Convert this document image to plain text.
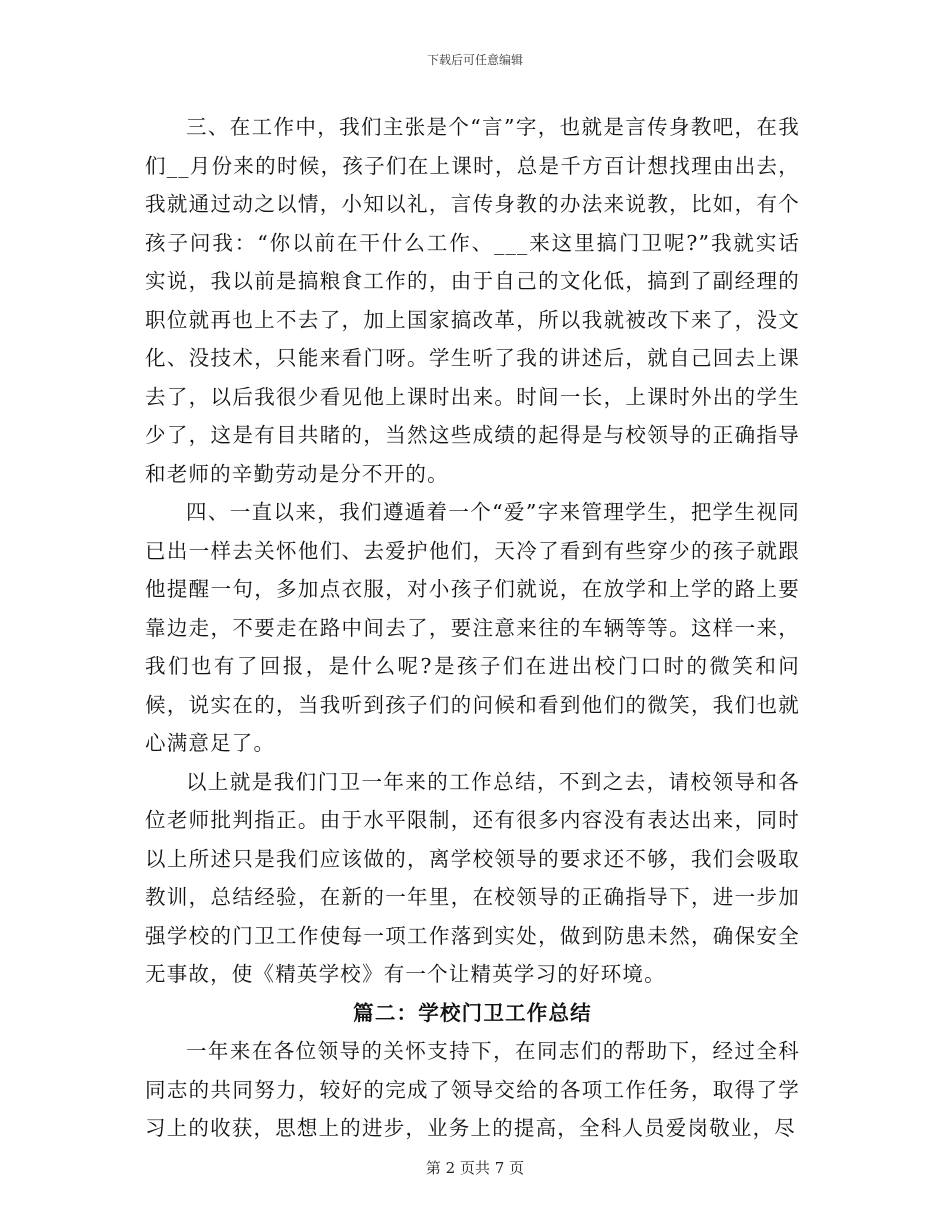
下载后可任意编辑

三、在工作中，我们主张是个“言”字，也就是言传身教吧，在我们__月份来的时候，孩子们在上课时，总是千方百计想找理由出去，我就通过动之以情，小知以礼，言传身教的办法来说教，比如，有个孩子问我：“你以前在干什么工作、___来这里搞门卫呢?”我就实话实说，我以前是搞粮食工作的，由于自己的文化低，搞到了副经理的职位就再也上不去了，加上国家搞改革，所以我就被改下来了，没文化、没技术，只能来看门呀。学生听了我的讲述后，就自己回去上课去了，以后我很少看见他上课时出来。时间一长，上课时外出的学生少了，这是有目共睹的，当然这些成绩的起得是与校领导的正确指导和老师的辛勤劳动是分不开的。

四、一直以来，我们遵遁着一个“爱”字来管理学生，把学生视同已出一样去关怀他们、去爱护他们，天冷了看到有些穿少的孩子就跟他提醒一句，多加点衣服，对小孩子们就说，在放学和上学的路上要靠边走，不要走在路中间去了，要注意来往的车辆等等。这样一来，我们也有了回报，是什么呢?是孩子们在进出校门口时的微笑和问候，说实在的，当我听到孩子们的问候和看到他们的微笑，我们也就心满意足了。

以上就是我们门卫一年来的工作总结，不到之去，请校领导和各位老师批判指正。由于水平限制，还有很多内容没有表达出来，同时以上所述只是我们应该做的，离学校领导的要求还不够，我们会吸取教训，总结经验，在新的一年里，在校领导的正确指导下，进一步加强学校的门卫工作使每一项工作落到实处，做到防患未然，确保安全无事故，使《精英学校》有一个让精英学习的好环境。

篇二：学校门卫工作总结

一年来在各位领导的关怀支持下，在同志们的帮助下，经过全科同志的共同努力，较好的完成了领导交给的各项工作任务，取得了学习上的收获，思想上的进步，业务上的提高，全科人员爱岗敬业，尽

第 2 页共 7 页
